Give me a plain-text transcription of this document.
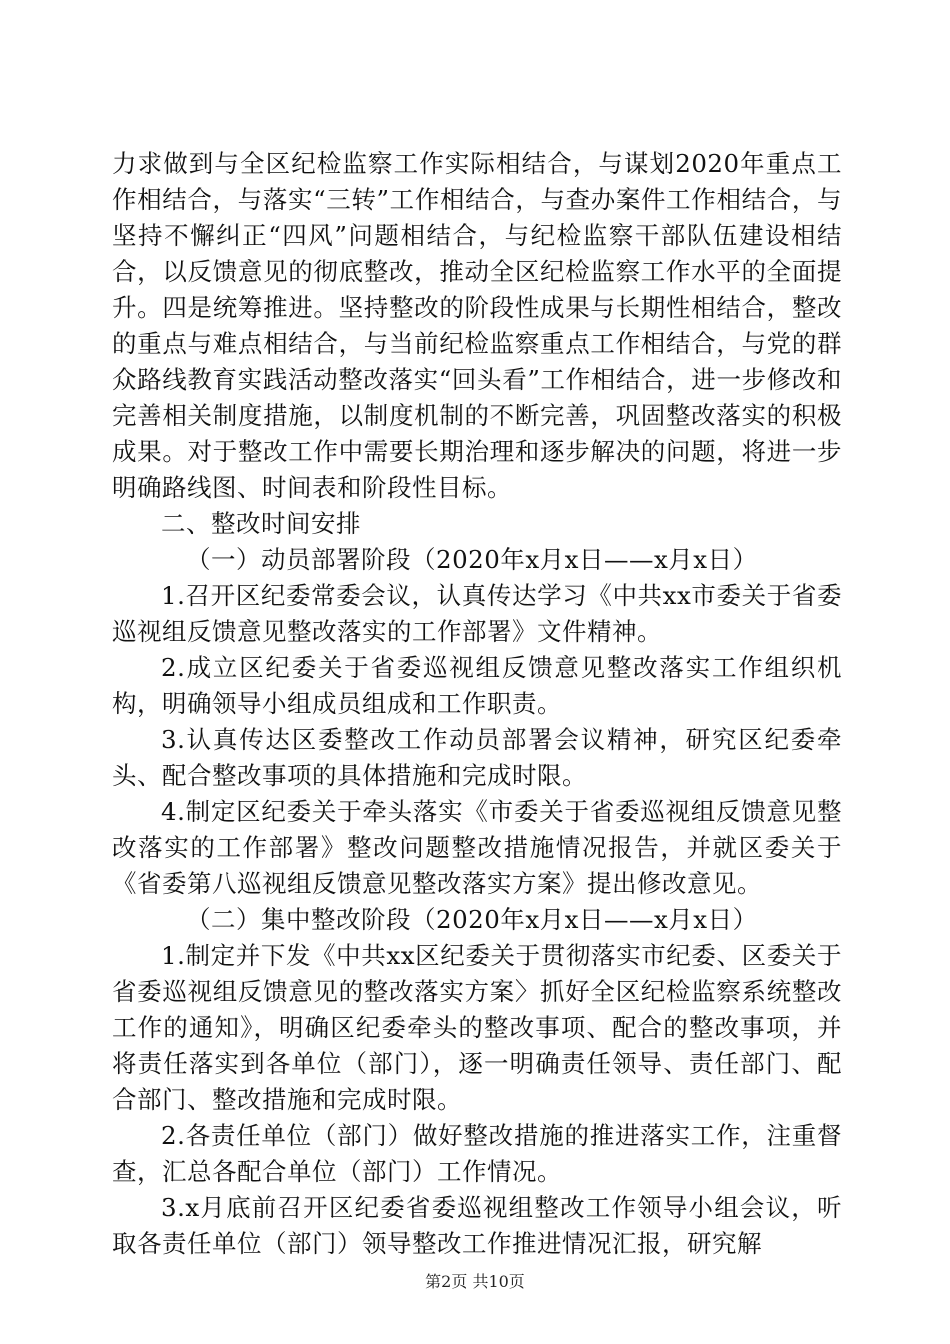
力求做到与全区纪检监察工作实际相结合，与谋划2020年重点工作相结合，与落实“三转”工作相结合，与查办案件工作相结合，与坚持不懈纠正“四风”问题相结合，与纪检监察干部队伍建设相结合，以反馈意见的彻底整改，推动全区纪检监察工作水平的全面提升。四是统筹推进。坚持整改的阶段性成果与长期性相结合，整改的重点与难点相结合，与当前纪检监察重点工作相结合，与党的群众路线教育实践活动整改落实“回头看”工作相结合，进一步修改和完善相关制度措施，以制度机制的不断完善，巩固整改落实的积极成果。对于整改工作中需要长期治理和逐步解决的问题，将进一步明确路线图、时间表和阶段性目标。

二、整改时间安排

（一）动员部署阶段（2020年x月x日——x月x日）

1.召开区纪委常委会议，认真传达学习《中共xx市委关于省委巡视组反馈意见整改落实的工作部署》文件精神。

2.成立区纪委关于省委巡视组反馈意见整改落实工作组织机构，明确领导小组成员组成和工作职责。

3.认真传达区委整改工作动员部署会议精神，研究区纪委牵头、配合整改事项的具体措施和完成时限。

4.制定区纪委关于牵头落实《市委关于省委巡视组反馈意见整改落实的工作部署》整改问题整改措施情况报告，并就区委关于《省委第八巡视组反馈意见整改落实方案》提出修改意见。

（二）集中整改阶段（2020年x月x日——x月x日）

1.制定并下发《中共xx区纪委关于贯彻落实市纪委、区委关于省委巡视组反馈意见的整改落实方案〉抓好全区纪检监察系统整改工作的通知》，明确区纪委牵头的整改事项、配合的整改事项，并将责任落实到各单位（部门），逐一明确责任领导、责任部门、配合部门、整改措施和完成时限。

2.各责任单位（部门）做好整改措施的推进落实工作，注重督查，汇总各配合单位（部门）工作情况。

3.x月底前召开区纪委省委巡视组整改工作领导小组会议，听取各责任单位（部门）领导整改工作推进情况汇报，研究解

第2页 共10页
